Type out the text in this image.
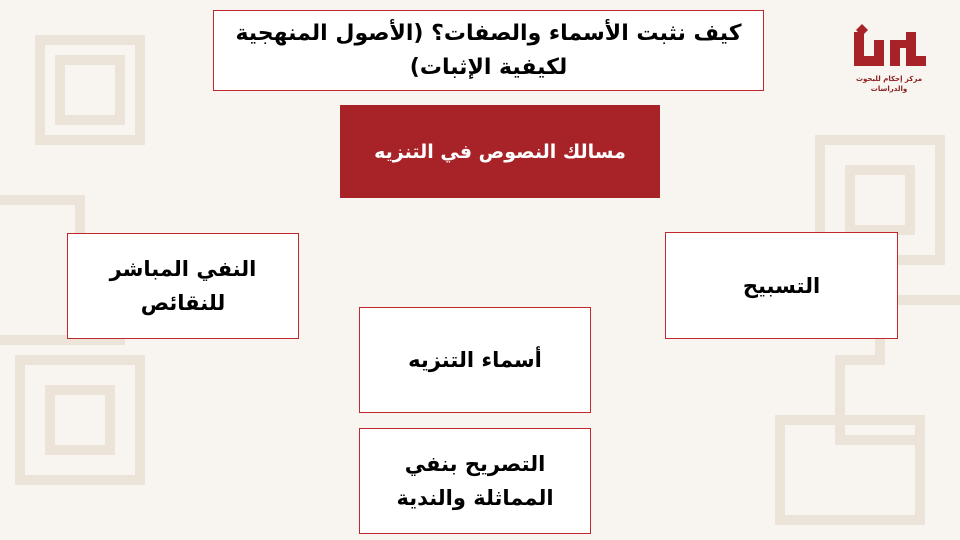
كيف نثبت الأسماء والصفات؟ (الأصول المنهجية
لكيفية الإثبات)
مسالك النصوص في التنزيه
التسبيح
النفي المباشر
للنقائص
أسماء التنزيه
التصريح بنفي
المماثلة والندية
مركز إحكام للبحوث والدراسات
